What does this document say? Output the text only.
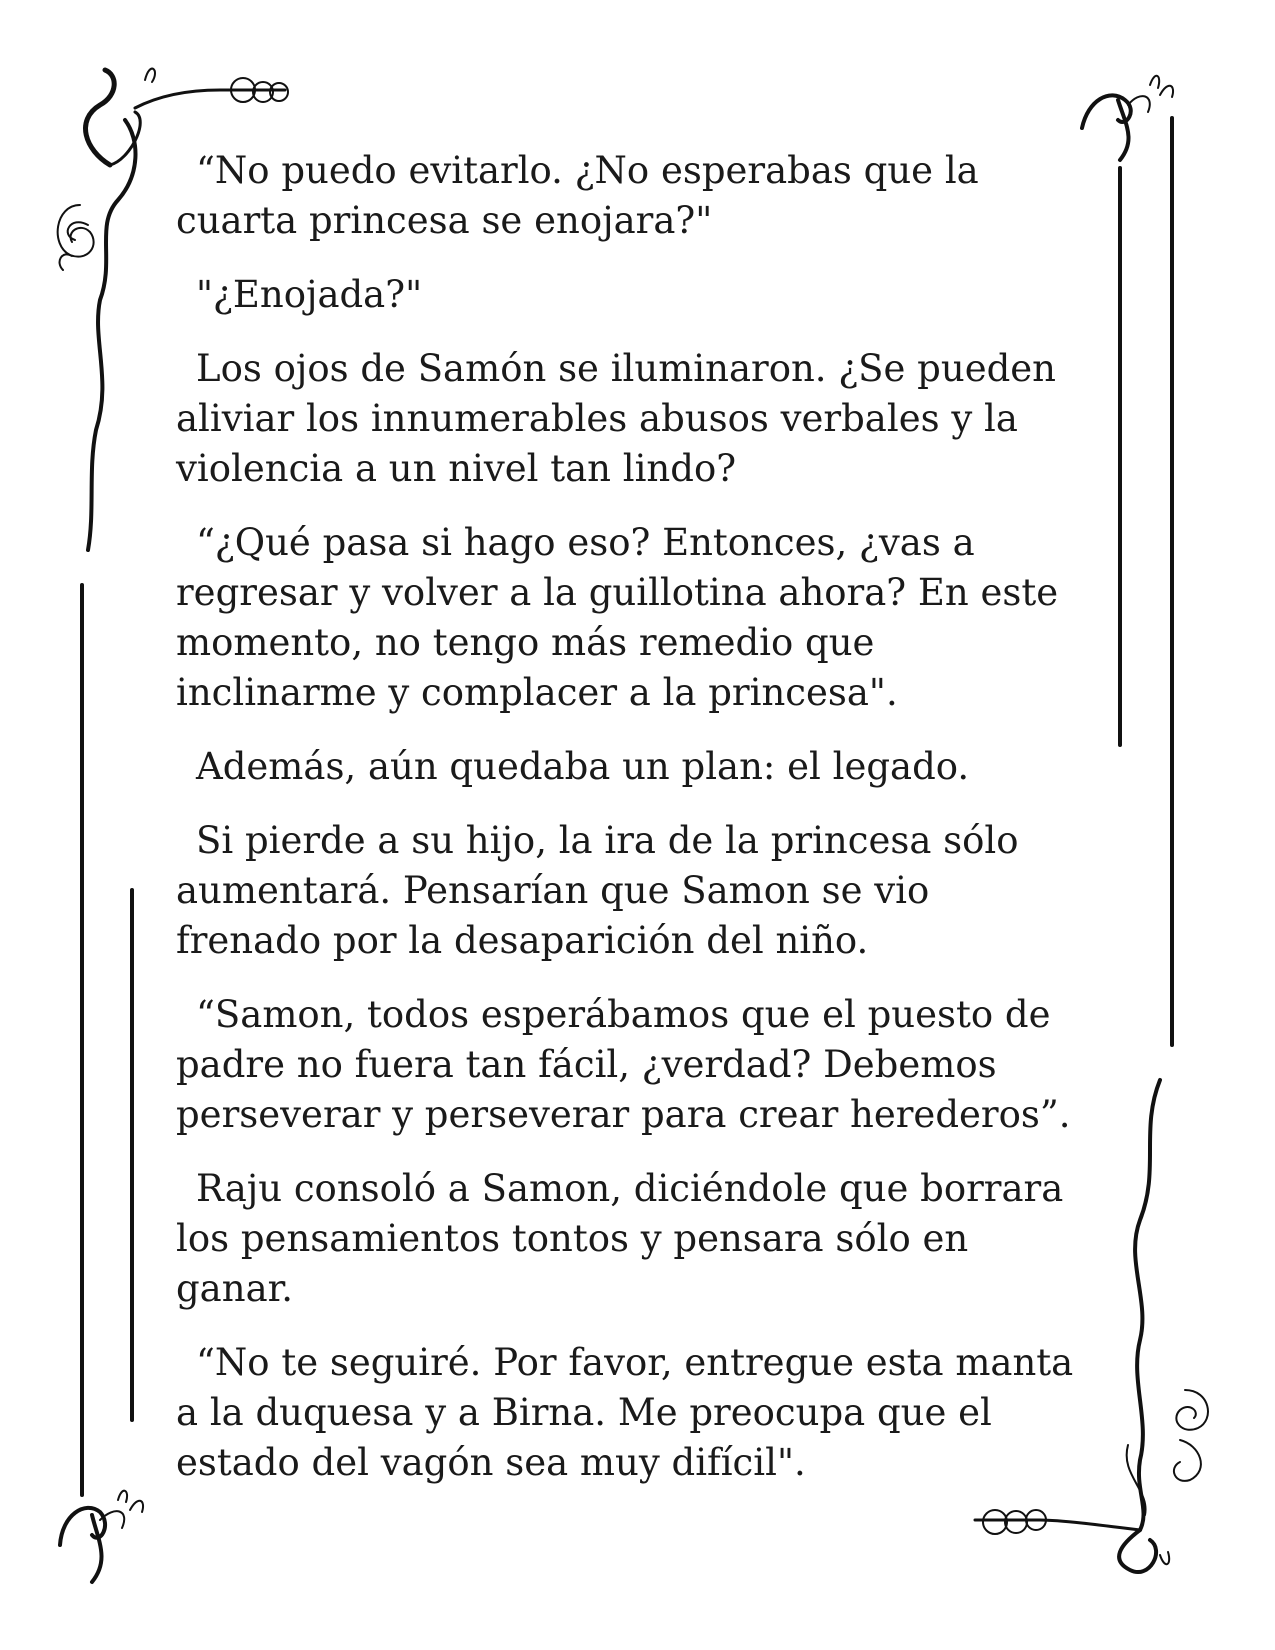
“No puedo evitarlo. ¿No esperabas que la cuarta princesa se enojara?"

"¿Enojada?"

Los ojos de Samón se iluminaron. ¿Se pueden aliviar los innumerables abusos verbales y la violencia a un nivel tan lindo?

“¿Qué pasa si hago eso? Entonces, ¿vas a regresar y volver a la guillotina ahora? En este momento, no tengo más remedio que inclinarme y complacer a la princesa".

Además, aún quedaba un plan: el legado.

Si pierde a su hijo, la ira de la princesa sólo aumentará. Pensarían que Samon se vio frenado por la desaparición del niño.

“Samon, todos esperábamos que el puesto de padre no fuera tan fácil, ¿verdad? Debemos perseverar y perseverar para crear herederos”.

Raju consoló a Samon, diciéndole que borrara los pensamientos tontos y pensara sólo en ganar.

“No te seguiré. Por favor, entregue esta manta a la duquesa y a Birna. Me preocupa que el estado del vagón sea muy difícil".
